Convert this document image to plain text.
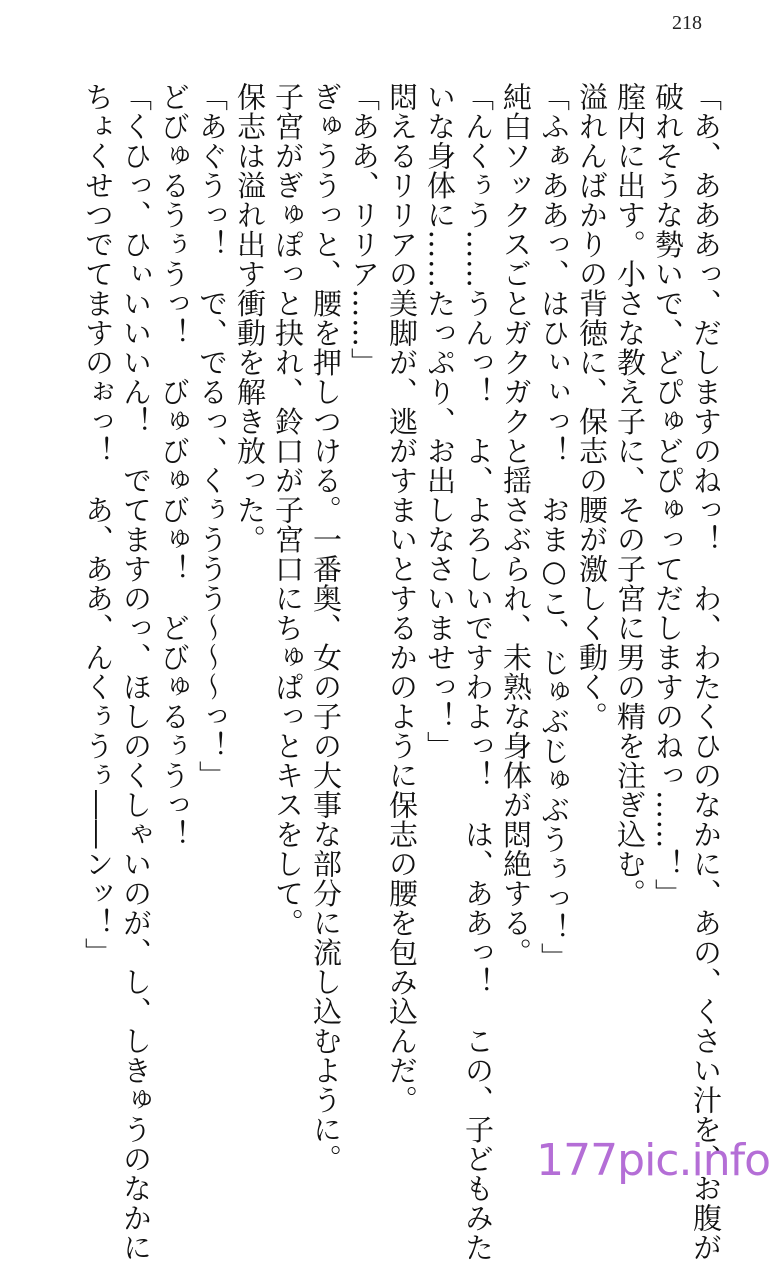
218
「あ、あああっ、だしますのねっ！　わ、わたくひのなかに、あの、くさい汁を、お腹が
破れそうな勢いで、どぴゅどぴゅってだしますのねっ……！」
腟内に出す。小さな教え子に、その子宮に男の精を注ぎ込む。
溢れんばかりの背徳に、保志の腰が激しく動く。
「ふぁああっ、はひぃぃっ！　おま○こ、じゅぶじゅぶうぅっ！」
純白ソックスごとガクガクと揺さぶられ、未熟な身体が悶絶する。
「んくぅう……うんっ！　よ、よろしいですわよっ！　は、ああっ！　この、子どもみた
いな身体に……たっぷり、お出しなさいませっ！」
悶えるリリアの美脚が、逃がすまいとするかのように保志の腰を包み込んだ。
「ああ、リリア……」
ぎゅううっと、腰を押しつける。一番奥、女の子の大事な部分に流し込むように。
子宮がぎゅぽっと抉れ、鈴口が子宮口にちゅぱっとキスをして。
保志は溢れ出す衝動を解き放った。
「あぐうっ！　で、でるっ、くぅううう～～～っ！」
どびゅるうぅうっ！　びゅびゅびゅ！　どびゅるぅうっ！
「くひっ、ひぃいいいん！　でてますのっ、ほしのくしゃいのが、し、しきゅうのなかに
ちょくせつでてますのぉっ！　あ、ああ、んくぅうぅ――ンッ！」
177pic.info
